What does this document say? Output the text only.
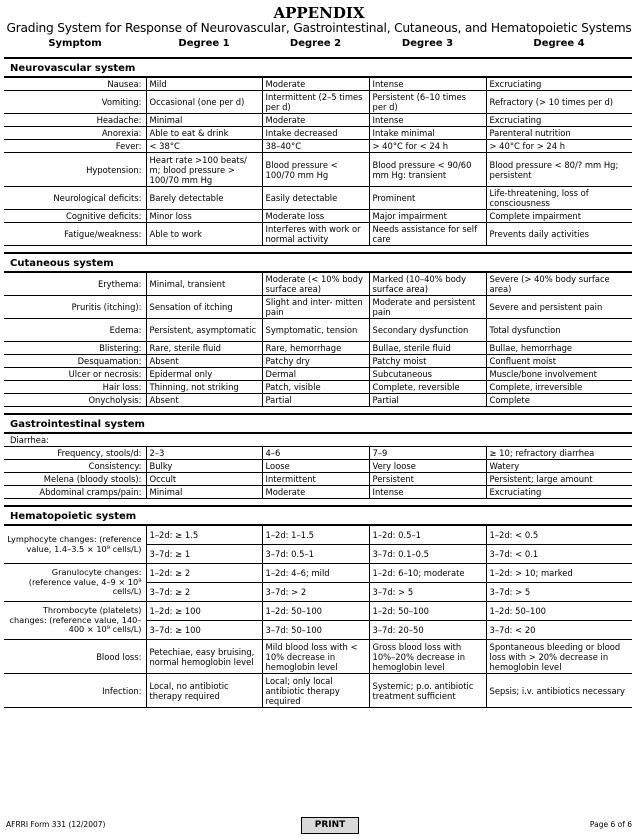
APPENDIX
Grading System for Response of Neurovascular, Gastrointestinal, Cutaneous, and Hematopoietic Systems
Symptom	Degree 1	Degree 2	Degree 3	Degree 4
Neurovascular system
Nausea:	Mild	Moderate	Intense	Excruciating
Vomiting:	Occasional (one per d)	Intermittent (2–5 times per d)	Persistent (6–10 times per d)	Refractory (> 10 times per d)
Headache:	Minimal	Moderate	Intense	Excruciating
Anorexia:	Able to eat & drink	Intake decreased	Intake minimal	Parenteral nutrition
Fever:	< 38°C	38–40°C	> 40°C for < 24 h	> 40°C for > 24 h
Hypotension:	Heart rate >100 beats/ m; blood pressure > 100/70 mm Hg	Blood pressure < 100/70 mm Hg	Blood pressure < 90/60 mm Hg: transient	Blood pressure < 80/? mm Hg; persistent
Neurological deficits:	Barely detectable	Easily detectable	Prominent	Life-threatening, loss of consciousness
Cognitive deficits:	Minor loss	Moderate loss	Major impairment	Complete impairment
Fatigue/weakness:	Able to work	Interferes with work or normal activity	Needs assistance for self care	Prevents daily activities
Cutaneous system
Erythema:	Minimal, transient	Moderate (< 10% body surface area)	Marked (10–40% body surface area)	Severe (> 40% body surface area)
Pruritis (itching):	Sensation of itching	Slight and inter- mitten pain	Moderate and persistent pain	Severe and persistent pain
Edema:	Persistent, asymptomatic	Symptomatic, tension	Secondary dysfunction	Total dysfunction
Blistering:	Rare, sterile fluid	Rare, hemorrhage	Bullae, sterile fluid	Bullae, hemorrhage
Desquamation:	Absent	Patchy dry	Patchy moist	Confluent moist
Ulcer or necrosis:	Epidermal only	Dermal	Subcutaneous	Muscle/bone involvement
Hair loss:	Thinning, not striking	Patch, visible	Complete, reversible	Complete, irreversible
Onycholysis:	Absent	Partial	Partial	Complete
Gastrointestinal system
Diarrhea:				
Frequency, stools/d:	2–3	4–6	7–9	≥ 10; refractory diarrhea
Consistency:	Bulky	Loose	Very loose	Watery
Melena (bloody stools):	Occult	Intermittent	Persistent	Persistent; large amount
Abdominal cramps/pain:	Minimal	Moderate	Intense	Excruciating
Hematopoietic system
Lymphocyte changes: (reference value, 1.4–3.5 × 10⁹ cells/L)	1–2d: ≥ 1.5	1–2d: 1–1.5	1–2d: 0.5–1	1–2d: < 0.5
	3–7d: ≥ 1	3–7d: 0.5–1	3–7d: 0.1–0.5	3–7d: < 0.1
Granulocyte changes: (reference value, 4–9 × 10⁹ cells/L)	1–2d: ≥ 2	1–2d: 4–6; mild	1–2d: 6–10; moderate	1–2d: > 10; marked
	3–7d: ≥ 2	3–7d: > 2	3–7d: > 5	3–7d: > 5
Thrombocyte (platelets) changes: (reference value, 140–400 × 10⁹ cells/L)	1–2d: ≥ 100	1–2d: 50–100	1–2d: 50–100	1–2d: 50–100
	3–7d: ≥ 100	3–7d: 50–100	3–7d: 20–50	3–7d: < 20
Blood loss:	Petechiae, easy bruising, normal hemoglobin level	Mild blood loss with < 10% decrease in hemoglobin level	Gross blood loss with 10%–20% decrease in hemoglobin level	Spontaneous bleeding or blood loss with > 20% decrease in hemoglobin level
Infection:	Local, no antibiotic therapy required	Local; only local antibiotic therapy required	Systemic; p.o. antibiotic treatment sufficient	Sepsis; i.v. antibiotics necessary
AFRRI Form 331 (12/2007)	PRINT	Page 6 of 6
